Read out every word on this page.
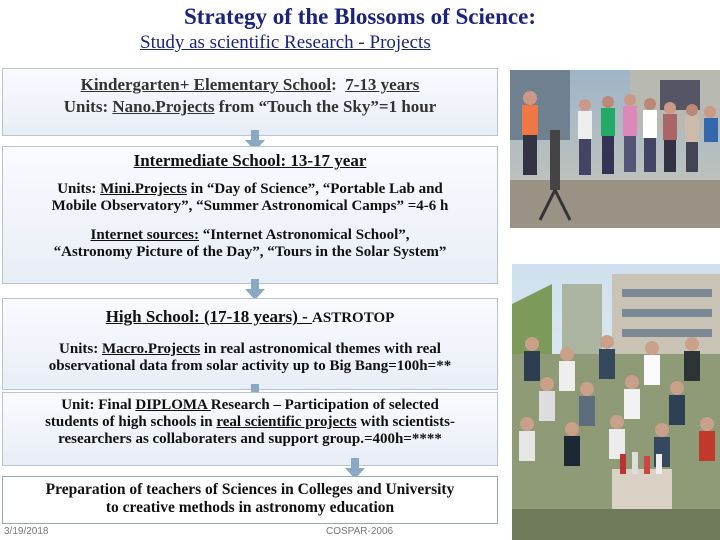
Strategy of the Blossoms of Science:
Study as scientific Research - Projects
Kindergarten+ Elementary School: 7-13 years
Units: Nano.Projects from “Touch the Sky”=1 hour
Intermediate School: 13-17 year
Units: Mini.Projects in “Day of Science”, “Portable Lab and
Mobile Observatory”, “Summer Astronomical Camps” =4-6 h
Internet sources: “Internet Astronomical School”,
“Astronomy Picture of the Day”, “Tours in the Solar System”
High School: (17-18 years) - ASTROTOP
Units: Macro.Projects in real astronomical themes with real
observational data from solar activity up to Big Bang=100h=**
Unit: Final DIPLOMA Research – Participation of selected
students of high schools in real scientific projects with scientists-
researchers as collaboraters and support group.=400h=****
Preparation of teachers of Sciences in Colleges and University
to creative methods in astronomy education
3/19/2018	COSPAR-2006
